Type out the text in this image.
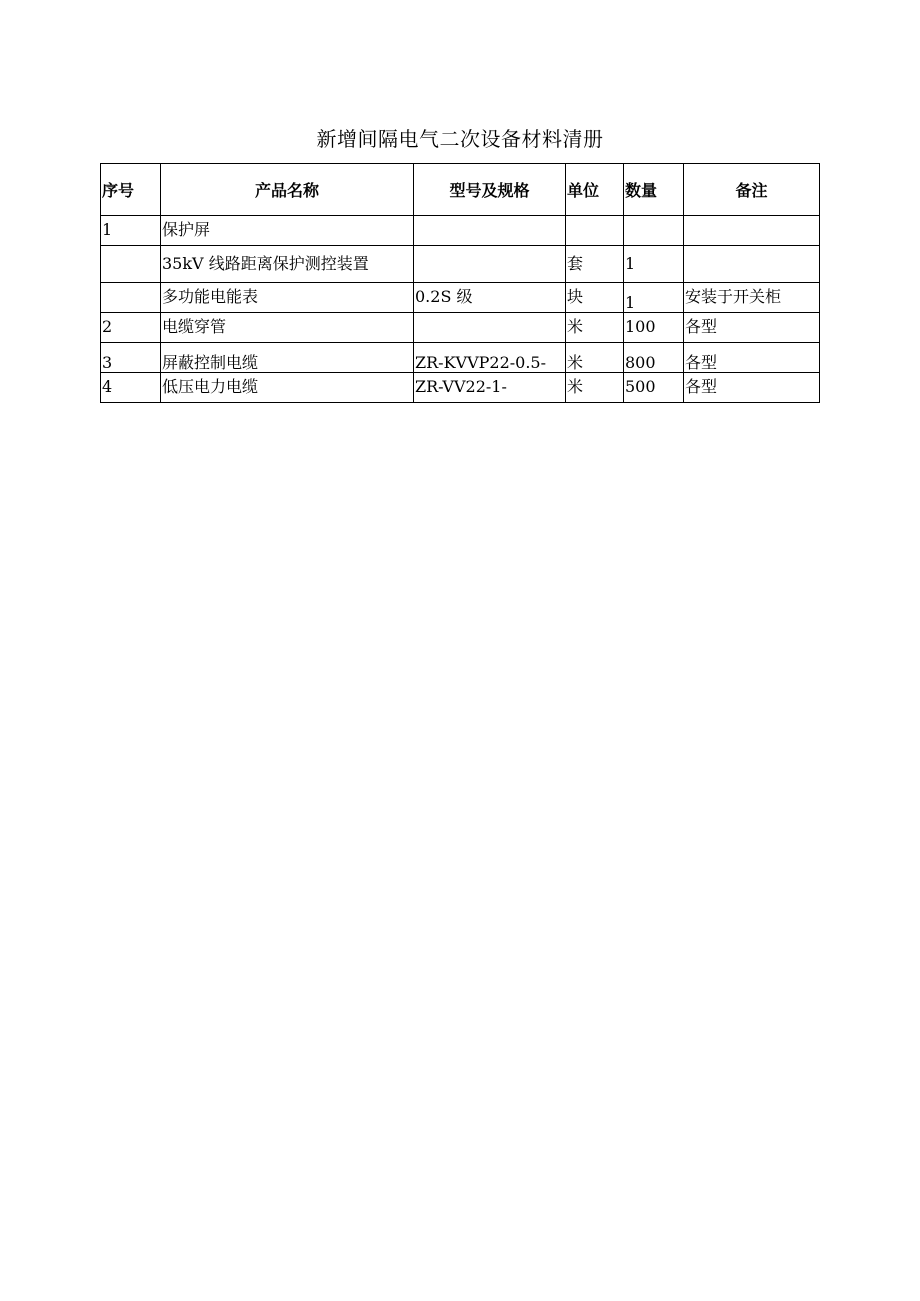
新增间隔电气二次设备材料清册
序号	产品名称	型号及规格	单位	数量	备注
1	保护屏				
	35kV 线路距离保护测控装置		套	1	
	多功能电能表	0.2S 级	块	1	安装于开关柜
2	电缆穿管		米	100	各型
3	屏蔽控制电缆	ZR-KVVP22-0.5-	米	800	各型
4	低压电力电缆	ZR-VV22-1-	米	500	各型
